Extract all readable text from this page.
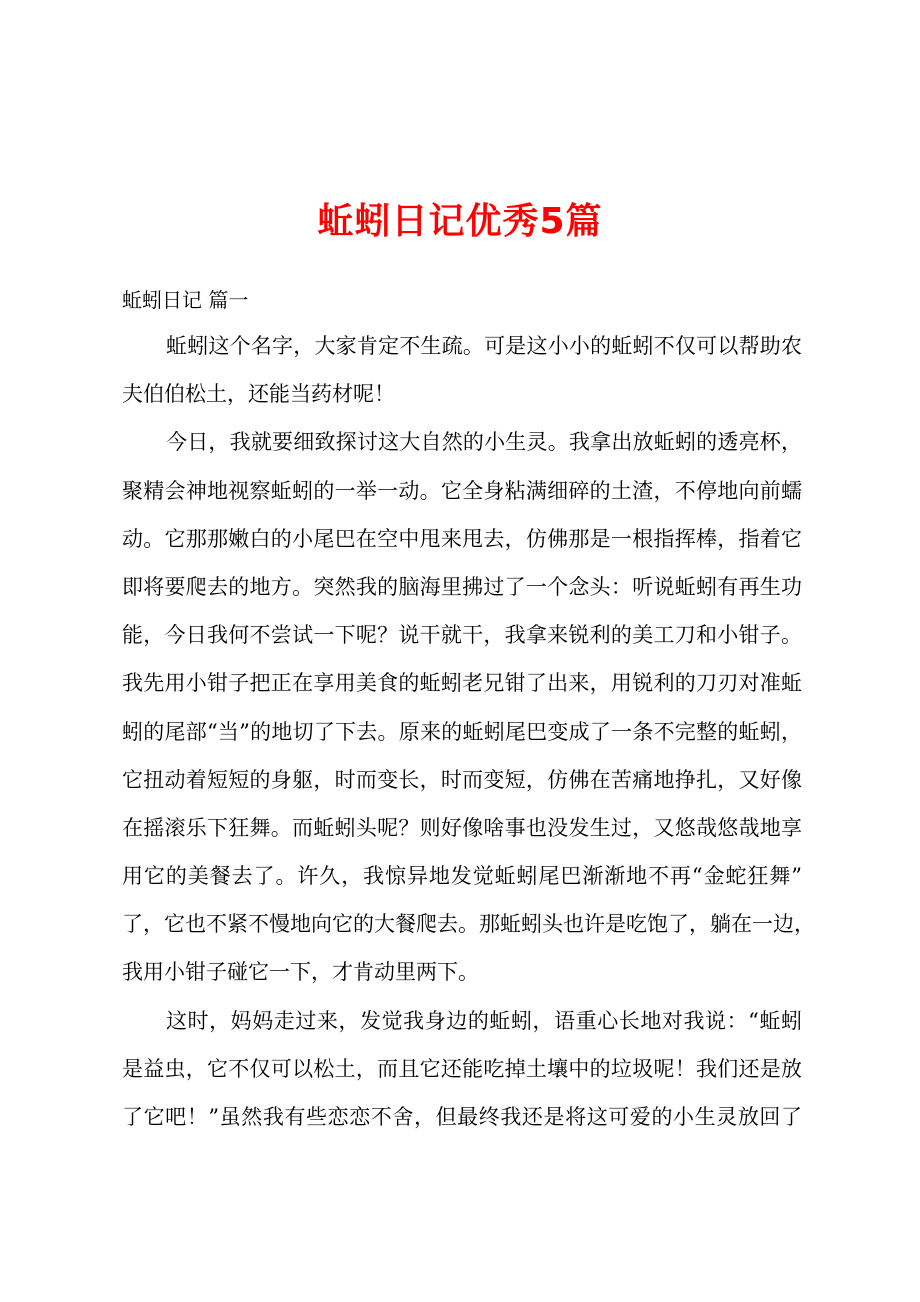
蚯蚓日记优秀5篇
蚯蚓日记 篇一
蚯蚓这个名字，大家肯定不生疏。可是这小小的蚯蚓不仅可以帮助农
夫伯伯松土，还能当药材呢！
今日，我就要细致探讨这大自然的小生灵。我拿出放蚯蚓的透亮杯，
聚精会神地视察蚯蚓的一举一动。它全身粘满细碎的土渣，不停地向前蠕
动。它那那嫩白的小尾巴在空中甩来甩去，仿佛那是一根指挥棒，指着它
即将要爬去的地方。突然我的脑海里拂过了一个念头：听说蚯蚓有再生功
能，今日我何不尝试一下呢？说干就干，我拿来锐利的美工刀和小钳子。
我先用小钳子把正在享用美食的蚯蚓老兄钳了出来，用锐利的刀刃对准蚯
蚓的尾部“当”的地切了下去。原来的蚯蚓尾巴变成了一条不完整的蚯蚓，
它扭动着短短的身躯，时而变长，时而变短，仿佛在苦痛地挣扎，又好像
在摇滚乐下狂舞。而蚯蚓头呢？则好像啥事也没发生过，又悠哉悠哉地享
用它的美餐去了。许久，我惊异地发觉蚯蚓尾巴渐渐地不再“金蛇狂舞”
了，它也不紧不慢地向它的大餐爬去。那蚯蚓头也许是吃饱了，躺在一边，
我用小钳子碰它一下，才肯动里两下。
这时，妈妈走过来，发觉我身边的蚯蚓，语重心长地对我说：“蚯蚓
是益虫，它不仅可以松土，而且它还能吃掉土壤中的垃圾呢！我们还是放
了它吧！”虽然我有些恋恋不舍，但最终我还是将这可爱的小生灵放回了
